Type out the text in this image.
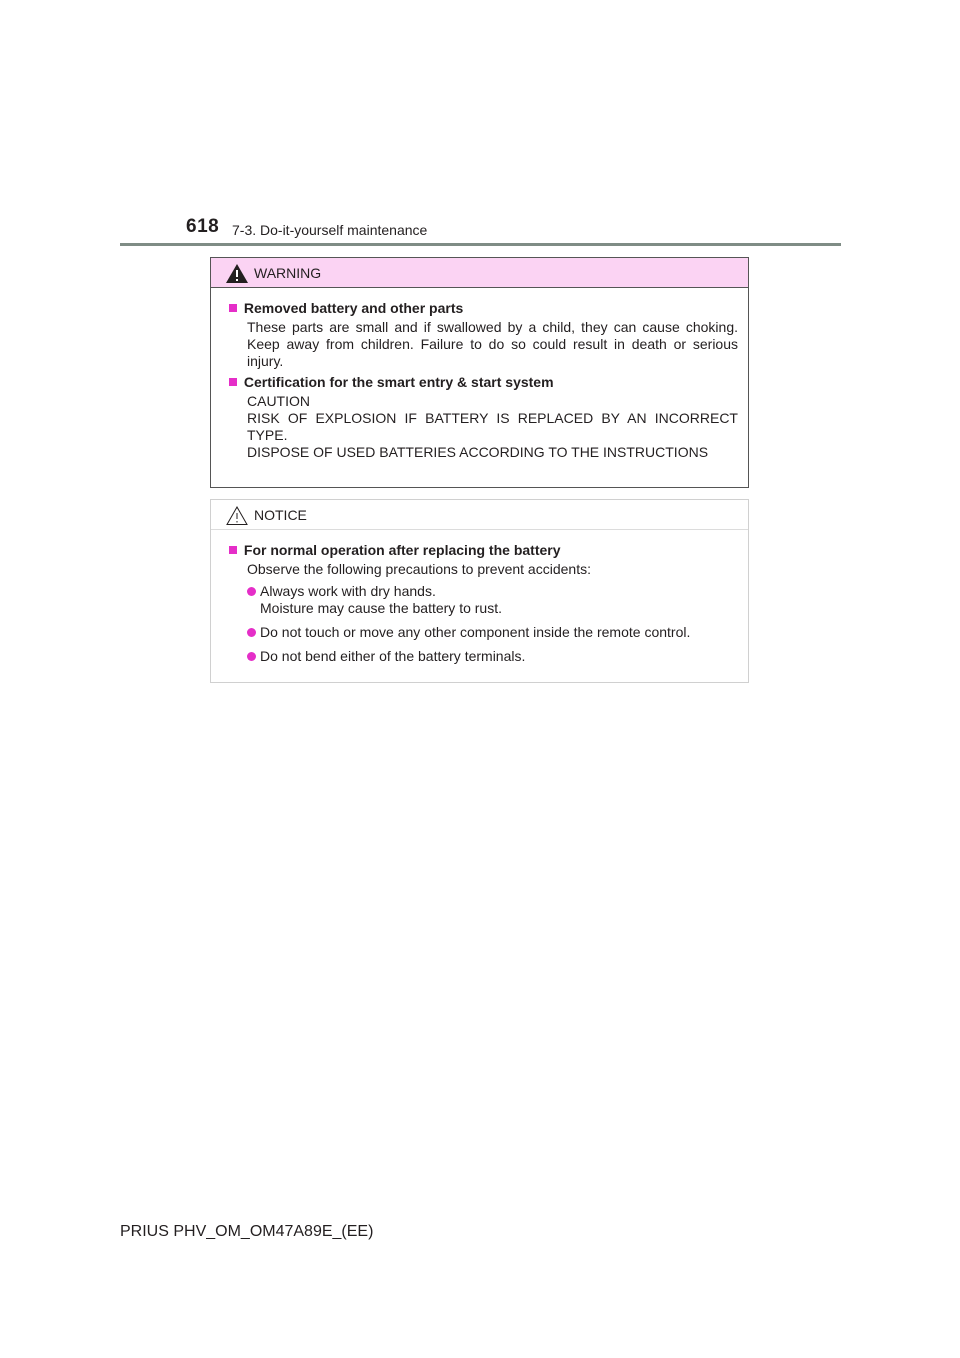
618 7-3. Do-it-yourself maintenance
WARNING
Removed battery and other parts
These parts are small and if swallowed by a child, they can cause choking. Keep away from children. Failure to do so could result in death or serious injury.
Certification for the smart entry & start system
CAUTION
RISK OF EXPLOSION IF BATTERY IS REPLACED BY AN INCORRECT TYPE.
DISPOSE OF USED BATTERIES ACCORDING TO THE INSTRUCTIONS
NOTICE
For normal operation after replacing the battery
Observe the following precautions to prevent accidents:
Always work with dry hands.
Moisture may cause the battery to rust.
Do not touch or move any other component inside the remote control.
Do not bend either of the battery terminals.
PRIUS PHV_OM_OM47A89E_(EE)
